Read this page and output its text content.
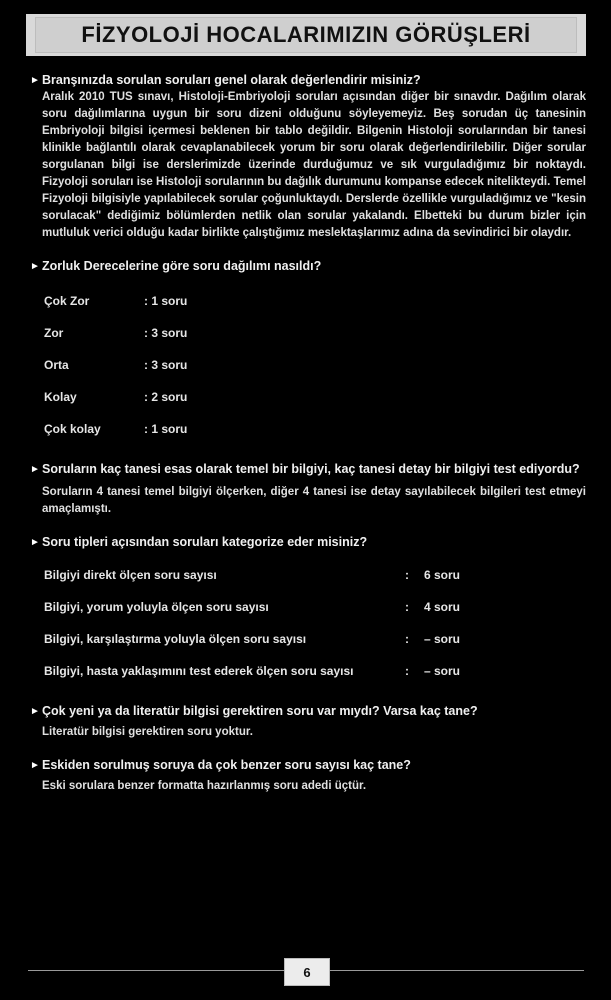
FİZYOLOJİ HOCALARIMIZIN GÖRÜŞLERİ
► Branşınızda sorulan soruları genel olarak değerlendirir misiniz?
Aralık 2010 TUS sınavı, Histoloji-Embriyoloji soruları açısından diğer bir sınavdır. Dağılım olarak soru dağılımlarına uygun bir soru dizeni olduğunu söyleyemeyiz. Beş sorudan üç tanesinin Embriyoloji bilgisi içermesi beklenen bir tablo değildir. Bilgenin Histoloji sorularından bir tanesi klinikle bağlantılı olarak cevaplanabilecek yorum bir soru olarak değerlendirilebilir. Diğer sorular sorgulanan bilgi ise derslerimizde üzerinde durduğumuz ve sık vurguladığımız bir noktaydı. Fizyoloji soruları ise Histoloji sorularının bu dağılık durumunu kompanse edecek nitelikteydi. Temel Fizyoloji bilgisiyle yapılabilecek sorular çoğunluktaydı. Derslerde özellikle vurguladığımız ve "kesin sorulacak" dediğimiz bölümlerden netlik olan sorular yakalandı. Elbetteki bu durum bizler için mutluluk verici olduğu kadar birlikte çalıştığımız meslektaşlarımız adına da sevindirici bir olaydır.
► Zorluk Derecelerine göre soru dağılımı nasıldı?
Çok Zor	: 1 soru
Zor	: 3 soru
Orta	: 3 soru
Kolay	: 2 soru
Çok kolay	: 1 soru
► Soruların kaç tanesi esas olarak temel bir bilgiyi, kaç tanesi detay bir bilgiyi test ediyordu?
Soruların 4 tanesi temel bilgiyi ölçerken, diğer 4 tanesi ise detay sayılabilecek bilgileri test etmeyi amaçlamıştı.
► Soru tipleri açısından soruları kategorize eder misiniz?
Bilgiyi direkt ölçen soru sayısı	:	6 soru
Bilgiyi, yorum yoluyla ölçen soru sayısı	:	4 soru
Bilgiyi, karşılaştırma yoluyla ölçen soru sayısı	:	– soru
Bilgiyi, hasta yaklaşımını test ederek ölçen soru sayısı	:	– soru
► Çok yeni ya da literatür bilgisi gerektiren soru var mıydı? Varsa kaç tane?
Literatür bilgisi gerektiren soru yoktur.
► Eskiden sorulmuş soruya da çok benzer soru sayısı kaç tane?
Eski sorulara benzer formatta hazırlanmış soru adedi üçtür.
6
